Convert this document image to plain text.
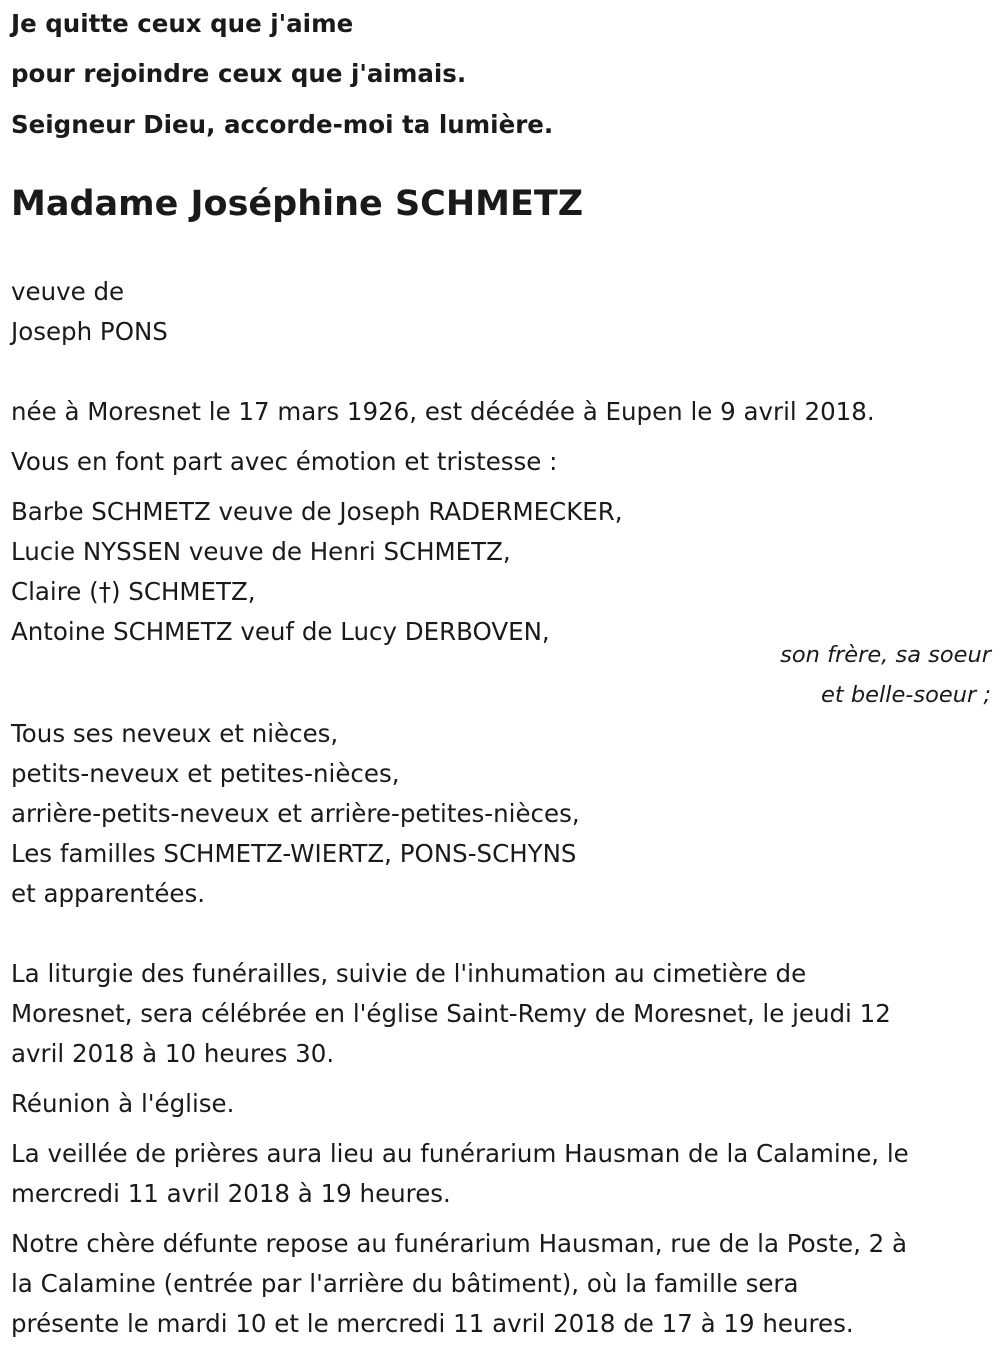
Je quitte ceux que j'aime
pour rejoindre ceux que j'aimais.
Seigneur Dieu, accorde-moi ta lumière.
Madame Joséphine SCHMETZ
veuve de
Joseph PONS
née à Moresnet le 17 mars 1926, est décédée à Eupen le 9 avril 2018.
Vous en font part avec émotion et tristesse :
Barbe SCHMETZ veuve de Joseph RADERMECKER,
Lucie NYSSEN veuve de Henri SCHMETZ,
Claire (†) SCHMETZ,
Antoine SCHMETZ veuf de Lucy DERBOVEN,
son frère, sa soeur
et belle-soeur ;
Tous ses neveux et nièces,
petits-neveux et petites-nièces,
arrière-petits-neveux et arrière-petites-nièces,
Les familles SCHMETZ-WIERTZ, PONS-SCHYNS
et apparentées.
La liturgie des funérailles, suivie de l'inhumation au cimetière de
Moresnet, sera célébrée en l'église Saint-Remy de Moresnet, le jeudi 12
avril 2018 à 10 heures 30.
Réunion à l'église.
La veillée de prières aura lieu au funérarium Hausman de la Calamine, le
mercredi 11 avril 2018 à 19 heures.
Notre chère défunte repose au funérarium Hausman, rue de la Poste, 2 à
la Calamine (entrée par l'arrière du bâtiment), où la famille sera
présente le mardi 10 et le mercredi 11 avril 2018 de 17 à 19 heures.
